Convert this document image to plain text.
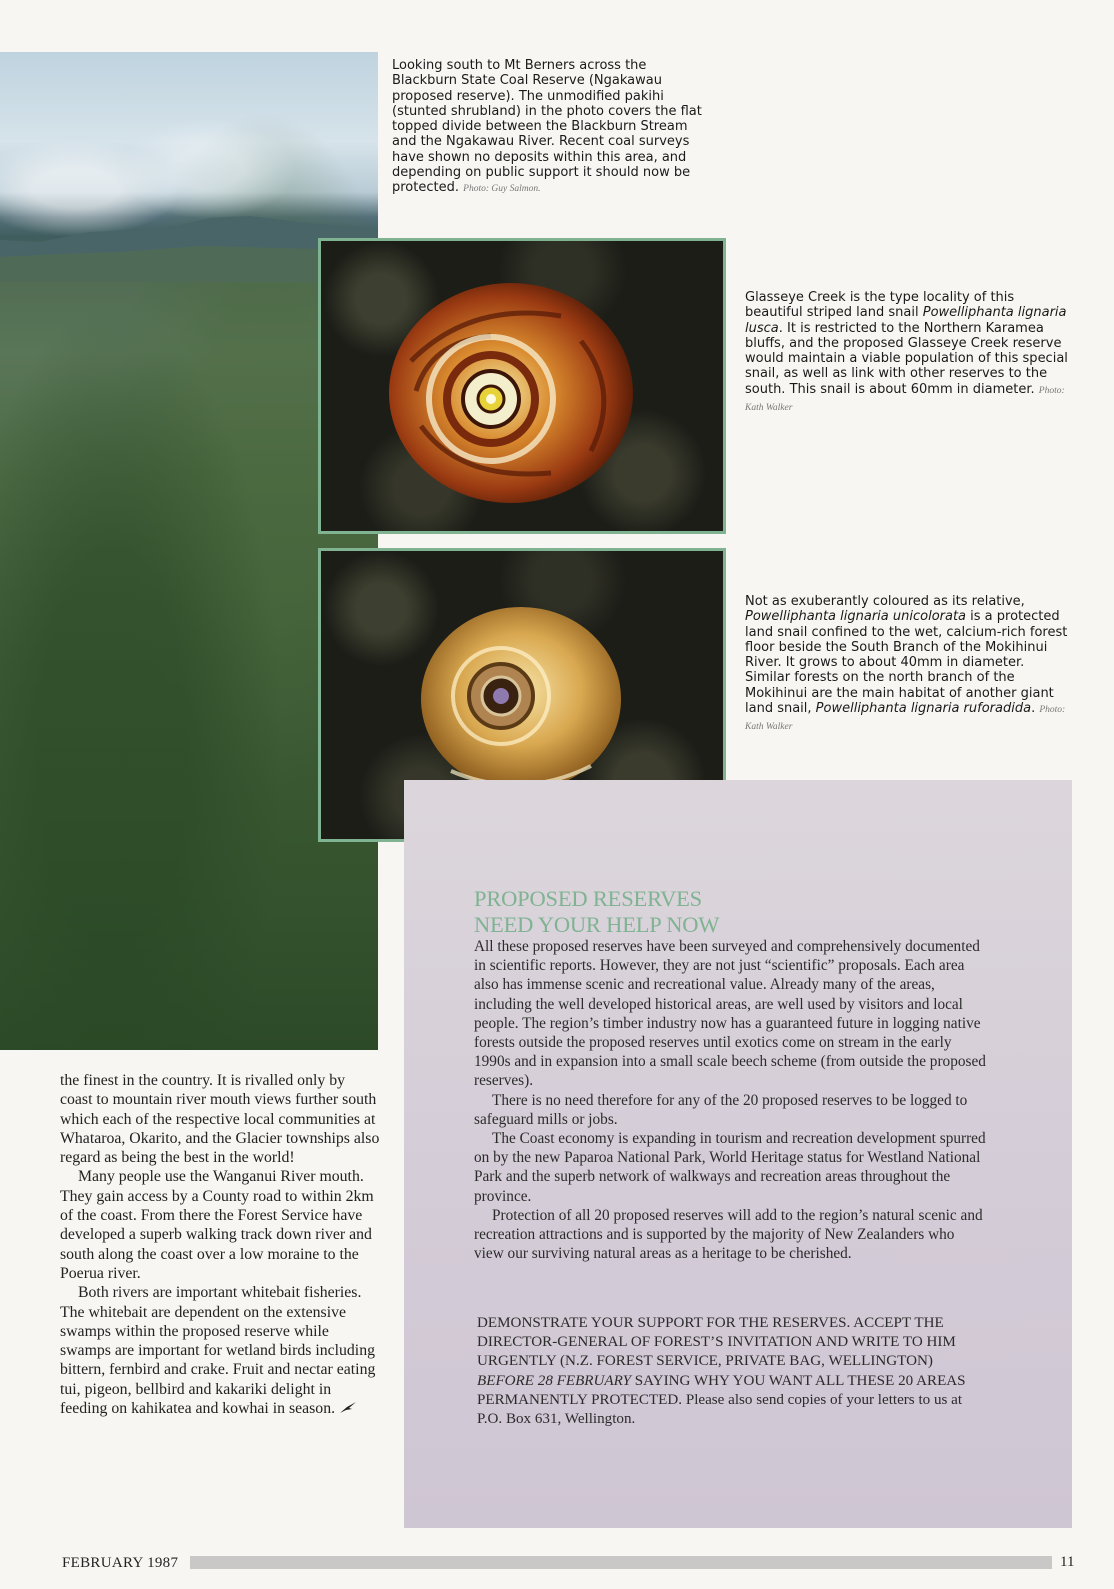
Looking south to Mt Berners across the Blackburn State Coal Reserve (Ngakawau proposed reserve). The unmodified pakihi (stunted shrubland) in the photo covers the flat topped divide between the Blackburn Stream and the Ngakawau River. Recent coal surveys have shown no deposits within this area, and depending on public support it should now be protected. Photo: Guy Salmon.

Glasseye Creek is the type locality of this beautiful striped land snail Powelliphanta lignaria lusca. It is restricted to the Northern Karamea bluffs, and the proposed Glasseye Creek reserve would maintain a viable population of this special snail, as well as link with other reserves to the south. This snail is about 60mm in diameter. Photo: Kath Walker

Not as exuberantly coloured as its relative, Powelliphanta lignaria unicolorata is a protected land snail confined to the wet, calcium-rich forest floor beside the South Branch of the Mokihinui River. It grows to about 40mm in diameter. Similar forests on the north branch of the Mokihinui are the main habitat of another giant land snail, Powelliphanta lignaria ruforadida. Photo: Kath Walker

the finest in the country. It is rivalled only by coast to mountain river mouth views further south which each of the respective local communities at Whataroa, Okarito, and the Glacier townships also regard as being the best in the world!

Many people use the Wanganui River mouth. They gain access by a County road to within 2km of the coast. From there the Forest Service have developed a superb walking track down river and south along the coast over a low moraine to the Poerua river.

Both rivers are important whitebait fisheries. The whitebait are dependent on the extensive swamps within the proposed reserve while swamps are important for wetland birds including bittern, fernbird and crake. Fruit and nectar eating tui, pigeon, bellbird and kakariki delight in feeding on kahikatea and kowhai in season.

PROPOSED RESERVES
NEED YOUR HELP NOW

All these proposed reserves have been surveyed and comprehensively documented in scientific reports. However, they are not just “scientific” proposals. Each area also has immense scenic and recreational value. Already many of the areas, including the well developed historical areas, are well used by visitors and local people. The region’s timber industry now has a guaranteed future in logging native forests outside the proposed reserves until exotics come on stream in the early 1990s and in expansion into a small scale beech scheme (from outside the proposed reserves).

There is no need therefore for any of the 20 proposed reserves to be logged to safeguard mills or jobs.

The Coast economy is expanding in tourism and recreation development spurred on by the new Paparoa National Park, World Heritage status for Westland National Park and the superb network of walkways and recreation areas throughout the province.

Protection of all 20 proposed reserves will add to the region’s natural scenic and recreation attractions and is supported by the majority of New Zealanders who view our surviving natural areas as a heritage to be cherished.

DEMONSTRATE YOUR SUPPORT FOR THE RESERVES. ACCEPT THE DIRECTOR-GENERAL OF FOREST’S INVITATION AND WRITE TO HIM URGENTLY (N.Z. FOREST SERVICE, PRIVATE BAG, WELLINGTON) BEFORE 28 FEBRUARY SAYING WHY YOU WANT ALL THESE 20 AREAS PERMANENTLY PROTECTED. Please also send copies of your letters to us at P.O. Box 631, Wellington.

FEBRUARY 1987	11
